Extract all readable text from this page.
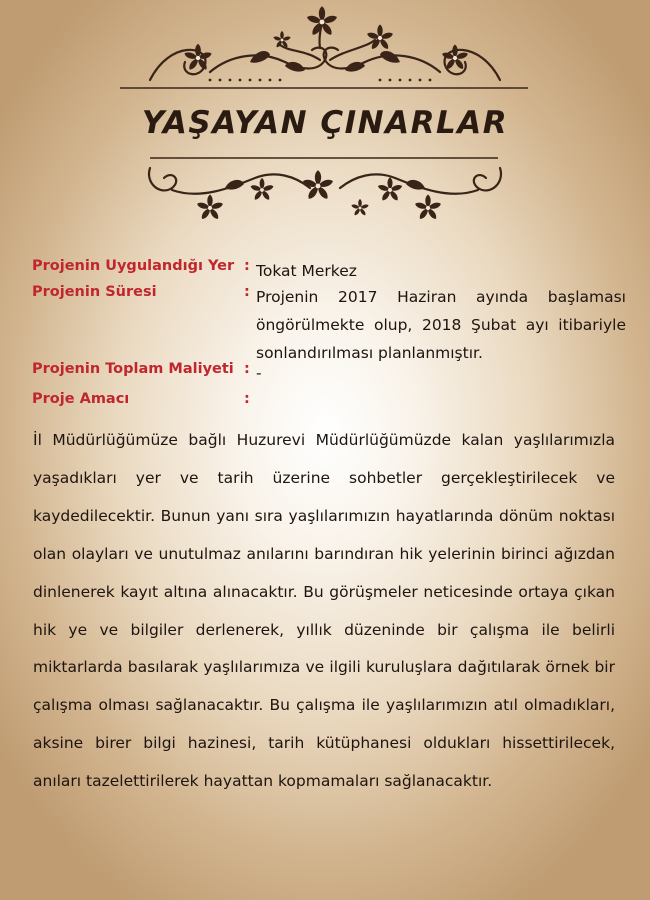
YAŞAYAN ÇINARLAR
Projenin Uygulandığı Yer : Tokat Merkez
Projenin Süresi	: Projenin 2017 Haziran ayında başlaması öngörülmekte olup, 2018 Şubat ayı itibariyle sonlandırılması planlanmıştır.
Projenin Toplam Maliyeti : -
Proje Amacı	:
İl Müdürlüğümüze bağlı Huzurevi Müdürlüğümüzde kalan yaşlılarımızla yaşadıkları yer ve tarih üzerine sohbetler gerçekleştirilecek ve kaydedilecektir. Bunun yanı sıra yaşlılarımızın hayatlarında dönüm noktası olan olayları ve unutulmaz anılarını barındıran hik yelerinin birinci ağızdan dinlenerek kayıt altına alınacaktır. Bu görüşmeler neticesinde ortaya çıkan hik ye ve bilgiler derlenerek, yıllık düzeninde bir çalışma ile belirli miktarlarda basılarak yaşlılarımıza ve ilgili kuruluşlara dağıtılarak örnek bir çalışma olması sağlanacaktır. Bu çalışma ile yaşlılarımızın atıl olmadıkları, aksine birer bilgi hazinesi, tarih kütüphanesi oldukları hissettirilecek, anıları tazelettirilerek hayattan kopmamaları sağlanacaktır.
